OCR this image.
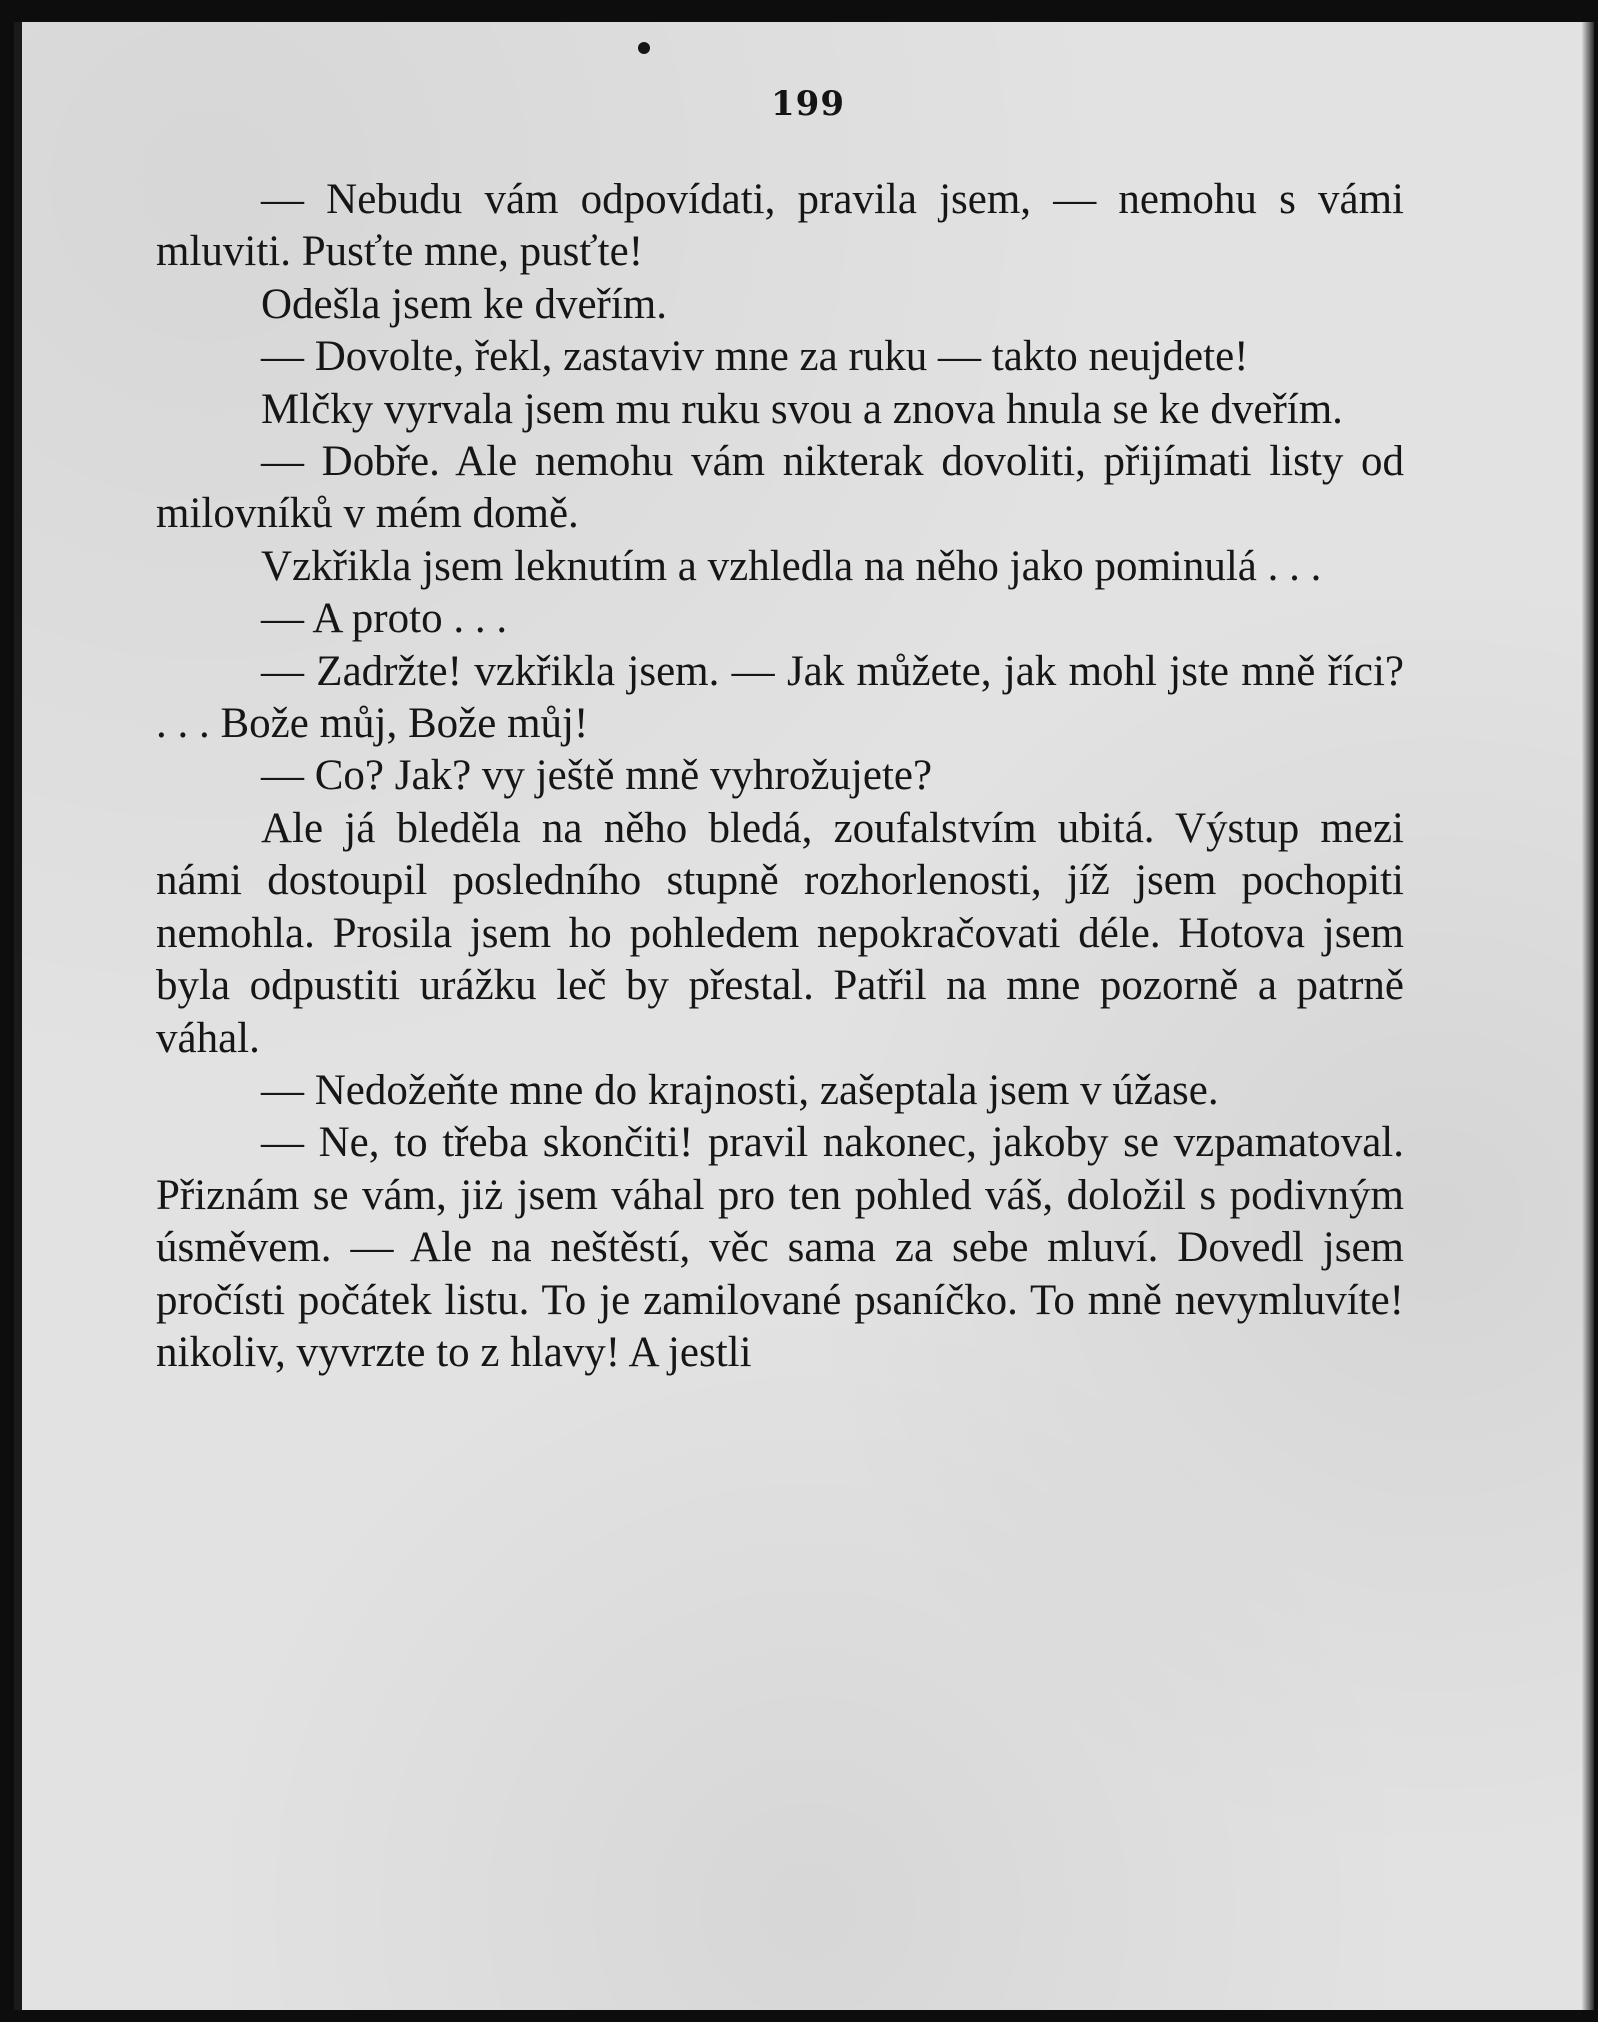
199

— Nebudu vám odpovídati, pravila jsem, — nemohu s vámi mluviti. Pusťte mne, pusťte!

Odešla jsem ke dveřím.

— Dovolte, řekl, zastaviv mne za ruku — takto neujdete!

Mlčky vyrvala jsem mu ruku svou a znova hnula se ke dveřím.

— Dobře. Ale nemohu vám nikterak dovoliti, přijímati listy od milovníků v mém domě.

Vzkřikla jsem leknutím a vzhledla na něho jako pominulá . . .

— A proto . . .

— Zadržte! vzkřikla jsem. — Jak můžete, jak mohl jste mně říci? . . . Bože můj, Bože můj!

— Co? Jak? vy ještě mně vyhrožujete?

Ale já bleděla na něho bledá, zoufalstvím ubitá. Výstup mezi námi dostoupil posledního stupně rozhorlenosti, jíž jsem pochopiti nemohla. Prosila jsem ho pohledem nepokračovati déle. Hotova jsem byla odpustiti urážku leč by přestal. Patřil na mne pozorně a patrně váhal.

— Nedožeňte mne do krajnosti, zašeptala jsem v úžase.

— Ne, to třeba skončiti! pravil nakonec, jakoby se vzpamatoval. Přiznám se vám, jiż jsem váhal pro ten pohled váš, doložil s podivným úsměvem. — Ale na neštěstí, věc sama za sebe mluví. Dovedl jsem pročísti počátek listu. To je zamilované psaníčko. To mně nevymluvíte! nikoliv, vyvrzte to z hlavy! A jestli
